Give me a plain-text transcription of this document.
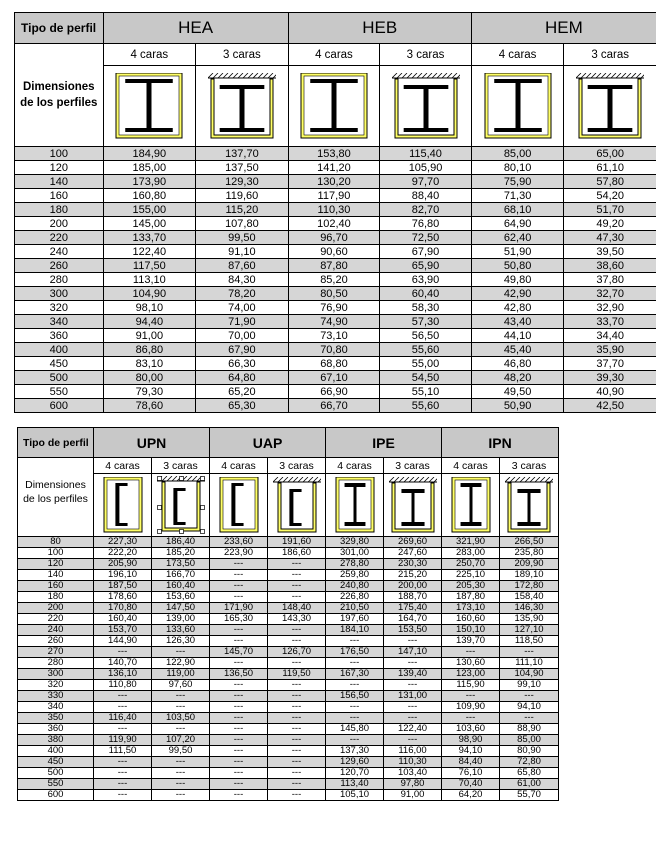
Tipo de perfil	HEA		HEB		HEM	
Dimensiones de los perfiles	4 caras	3 caras	4 caras	3 caras	4 caras	3 caras

100	184,90	137,70	153,80	115,40	85,00	65,00
120	185,00	137,50	141,20	105,90	80,10	61,10
140	173,90	129,30	130,20	97,70	75,90	57,80
160	160,80	119,60	117,90	88,40	71,30	54,20
180	155,00	115,20	110,30	82,70	68,10	51,70
200	145,00	107,80	102,40	76,80	64,90	49,20
220	133,70	99,50	96,70	72,50	62,40	47,30
240	122,40	91,10	90,60	67,90	51,90	39,50
260	117,50	87,60	87,80	65,90	50,80	38,60
280	113,10	84,30	85,20	63,90	49,80	37,80
300	104,90	78,20	80,50	60,40	42,90	32,70
320	98,10	74,00	76,90	58,30	42,80	32,90
340	94,40	71,90	74,90	57,30	43,40	33,70
360	91,00	70,00	73,10	56,50	44,10	34,40
400	86,80	67,90	70,80	55,60	45,40	35,90
450	83,10	66,30	68,80	55,00	46,80	37,70
500	80,00	64,80	67,10	54,50	48,20	39,30
550	79,30	65,20	66,90	55,10	49,50	40,90
600	78,60	65,30	66,70	55,60	50,90	42,50
Tipo de perfil	UPN		UAP		IPE		IPN	
Dimensiones de los perfiles	4 caras	3 caras	4 caras	3 caras	4 caras	3 caras	4 caras	3 caras

80	227,30	186,40	233,60	191,60	329,80	269,60	321,90	266,50
100	222,20	185,20	223,90	186,60	301,00	247,60	283,00	235,80
120	205,90	173,50	---	---	278,80	230,30	250,70	209,90
140	196,10	166,70	---	---	259,80	215,20	225,10	189,10
160	187,50	160,40	---	---	240,80	200,00	205,30	172,80
180	178,60	153,60	---	---	226,80	188,70	187,80	158,40
200	170,80	147,50	171,90	148,40	210,50	175,40	173,10	146,30
220	160,40	139,00	165,30	143,30	197,60	164,70	160,60	135,90
240	153,70	133,60	---	---	184,10	153,50	150,10	127,10
260	144,90	126,30	---	---	---	---	139,70	118,50
270	---	---	145,70	126,70	176,50	147,10	---	---
280	140,70	122,90	---	---	---	---	130,60	111,10
300	136,10	119,00	136,50	119,50	167,30	139,40	123,00	104,90
320	110,80	97,60	---	---	---	---	115,90	99,10
330	---	---	---	---	156,50	131,00	---	---
340	---	---	---	---	---	---	109,90	94,10
350	116,40	103,50	---	---	---	---	---	---
360	---	---	---	---	145,80	122,40	103,60	88,90
380	119,90	107,20	---	---	---	---	98,90	85,00
400	111,50	99,50	---	---	137,30	116,00	94,10	80,90
450	---	---	---	---	129,60	110,30	84,40	72,80
500	---	---	---	---	120,70	103,40	76,10	65,80
550	---	---	---	---	113,40	97,80	70,40	61,00
600	---	---	---	---	105,10	91,00	64,20	55,70
